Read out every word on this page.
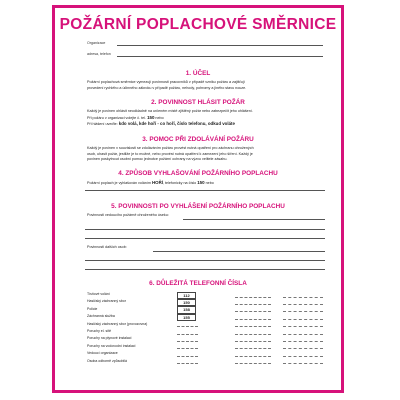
POŽÁRNÍ POPLACHOVÉ SMĚRNICE
Organizace
adresa, telefon
1. ÚČEL
Požární poplachová směrnice vymezují povinnosti pracovníků v případě vzniku požáru a zajišťují
provedení rychlého a účinného zákroku v případě požáru, nehody, pohromy a jiného stavu nouze.
2. POVINNOST HLÁSIT POŽÁR
Každý je povinen ohlásit neodkladně na určeném místě zjištěný požár nebo zabezpečit jeho ohlášení.
Při požáru v organizaci volejte č. tel. 150 nebo
Při hlášení uveďte: kdo volá, kde hoří - co hoří, číslo telefonu, odkud voláte
3. POMOC PŘI ZDOLÁVÁNÍ POŽÁRU
Každý je povinen v souvislosti se zdoláváním požáru provést nutná opatření pro záchranu ohrožených
osob, uhasit požár, jestliže je to možné, nebo provést nutná opatření k zamezení jeho šíření. Každý je
povinen poskytnout osobní pomoc jednotce požární ochrany na výzvu velitele zásahu.
4. ZPŮSOB VYHLAŠOVÁNÍ POŽÁRNÍHO POPLACHU
Požární poplach je vyhlašován voláním HOŘÍ, telefonicky na číslo 150 nebo
5. POVINNOSTI PO VYHLÁŠENÍ POŽÁRNÍHO POPLACHU
Povinnosti vedoucího požárně ohroženého úseku:
Povinnosti dalších osob:
6. DŮLEŽITÁ TELEFONNÍ ČÍSLA
Tísňové volání	112
Hasičský záchranný sbor	150
Policie	158
Záchranná služba	155
Hasičský záchranný sbor (provozovna)
Poruchy el. sítě
Poruchy na plynové instalaci
Poruchy na vodovodní instalaci
Vedoucí organizace
Osoba odborně způsobilá
